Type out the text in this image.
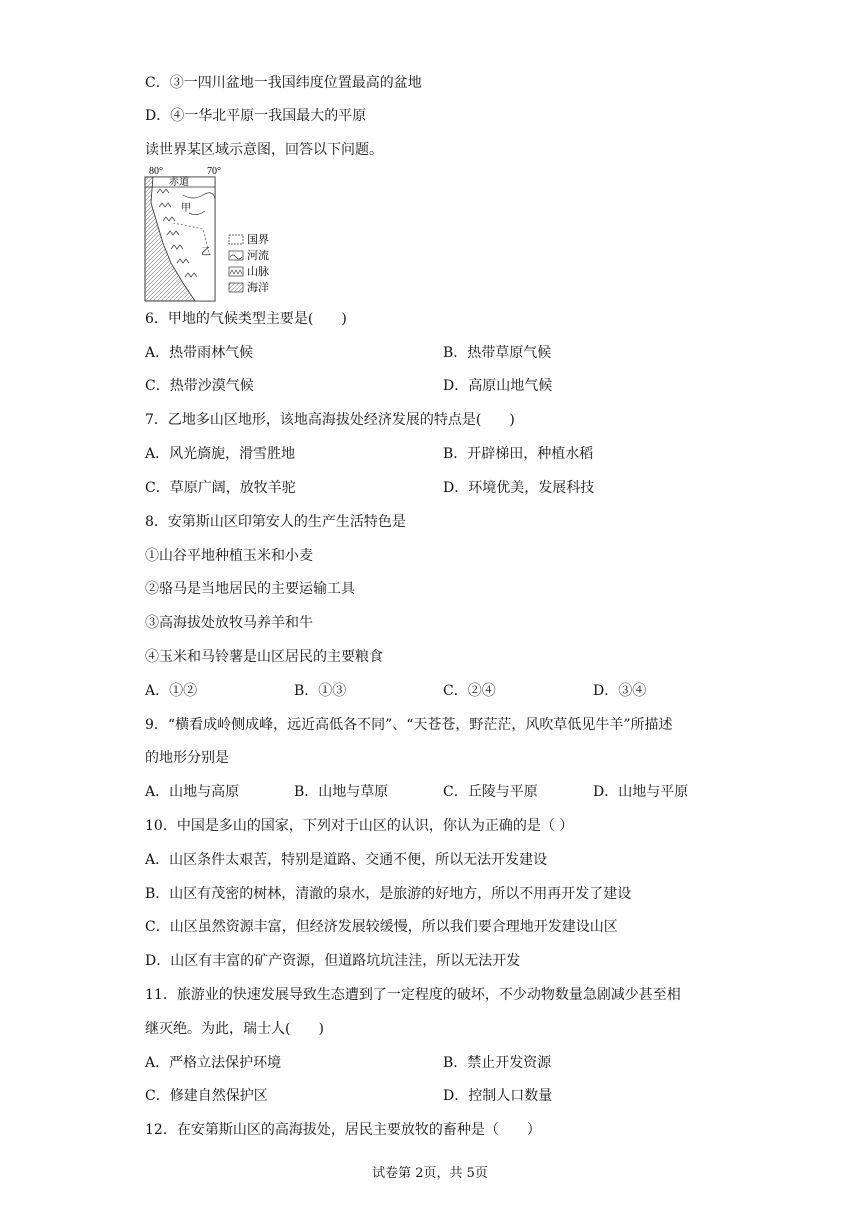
C．③一四川盆地一我国纬度位置最高的盆地
D．④一华北平原一我国最大的平原
读世界某区域示意图，回答以下问题。
80°	70°
赤道
甲
乙
国界
河流
山脉
海洋
6．甲地的气候类型主要是(　　)
A．热带雨林气候	B．热带草原气候
C．热带沙漠气候	D．高原山地气候
7．乙地多山区地形，该地高海拔处经济发展的特点是(　　)
A．风光旖旎，滑雪胜地	B．开辟梯田，种植水稻
C．草原广阔，放牧羊驼	D．环境优美，发展科技
8．安第斯山区印第安人的生产生活特色是
①山谷平地种植玉米和小麦
②骆马是当地居民的主要运输工具
③高海拔处放牧马养羊和牛
④玉米和马铃薯是山区居民的主要粮食
A．①②	B．①③	C．②④	D．③④
9．“横看成岭侧成峰，远近高低各不同”、“天苍苍，野茫茫，风吹草低见牛羊”所描述
的地形分别是
A．山地与高原	B．山地与草原	C．丘陵与平原	D．山地与平原
10．中国是多山的国家，下列对于山区的认识，你认为正确的是（ ）
A．山区条件太艰苦，特别是道路、交通不便，所以无法开发建设
B．山区有茂密的树林，清澈的泉水，是旅游的好地方，所以不用再开发了建设
C．山区虽然资源丰富，但经济发展较缓慢，所以我们要合理地开发建设山区
D．山区有丰富的矿产资源，但道路坑坑洼洼，所以无法开发
11．旅游业的快速发展导致生态遭到了一定程度的破坏，不少动物数量急剧减少甚至相
继灭绝。为此，瑞士人(　　)
A．严格立法保护环境	B．禁止开发资源
C．修建自然保护区	D．控制人口数量
12．在安第斯山区的高海拔处，居民主要放牧的畜种是（　　）
试卷第 2页，共 5页
